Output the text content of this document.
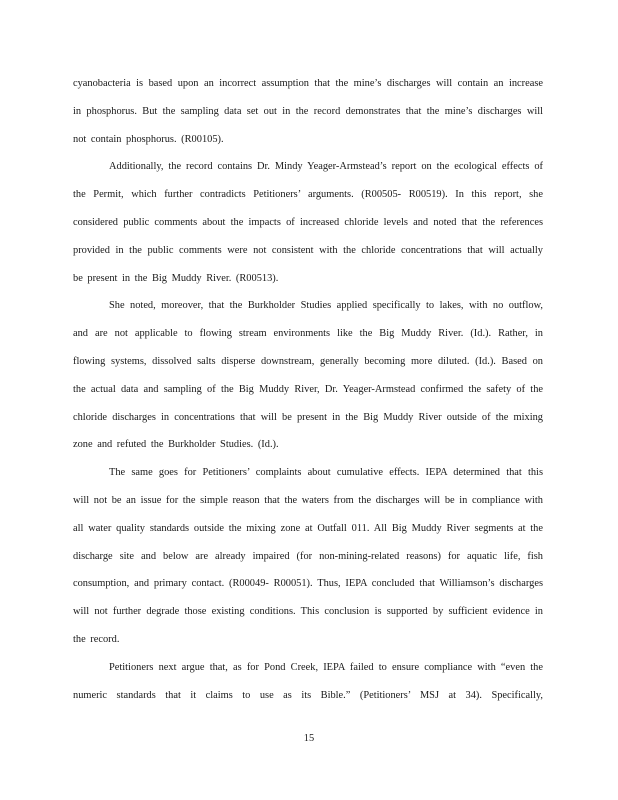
cyanobacteria is based upon an incorrect assumption that the mine’s discharges will contain an increase in phosphorus. But the sampling data set out in the record demonstrates that the mine’s discharges will not contain phosphorus. (R00105).

Additionally, the record contains Dr. Mindy Yeager-Armstead’s report on the ecological effects of the Permit, which further contradicts Petitioners’ arguments. (R00505- R00519). In this report, she considered public comments about the impacts of increased chloride levels and noted that the references provided in the public comments were not consistent with the chloride concentrations that will actually be present in the Big Muddy River. (R00513).

She noted, moreover, that the Burkholder Studies applied specifically to lakes, with no outflow, and are not applicable to flowing stream environments like the Big Muddy River. (Id.). Rather, in flowing systems, dissolved salts disperse downstream, generally becoming more diluted. (Id.). Based on the actual data and sampling of the Big Muddy River, Dr. Yeager-Armstead confirmed the safety of the chloride discharges in concentrations that will be present in the Big Muddy River outside of the mixing zone and refuted the Burkholder Studies. (Id.).

The same goes for Petitioners’ complaints about cumulative effects. IEPA determined that this will not be an issue for the simple reason that the waters from the discharges will be in compliance with all water quality standards outside the mixing zone at Outfall 011. All Big Muddy River segments at the discharge site and below are already impaired (for non-mining-related reasons) for aquatic life, fish consumption, and primary contact. (R00049- R00051). Thus, IEPA concluded that Williamson’s discharges will not further degrade those existing conditions. This conclusion is supported by sufficient evidence in the record.

Petitioners next argue that, as for Pond Creek, IEPA failed to ensure compliance with “even the numeric standards that it claims to use as its Bible.” (Petitioners’ MSJ at 34). Specifically,

15
